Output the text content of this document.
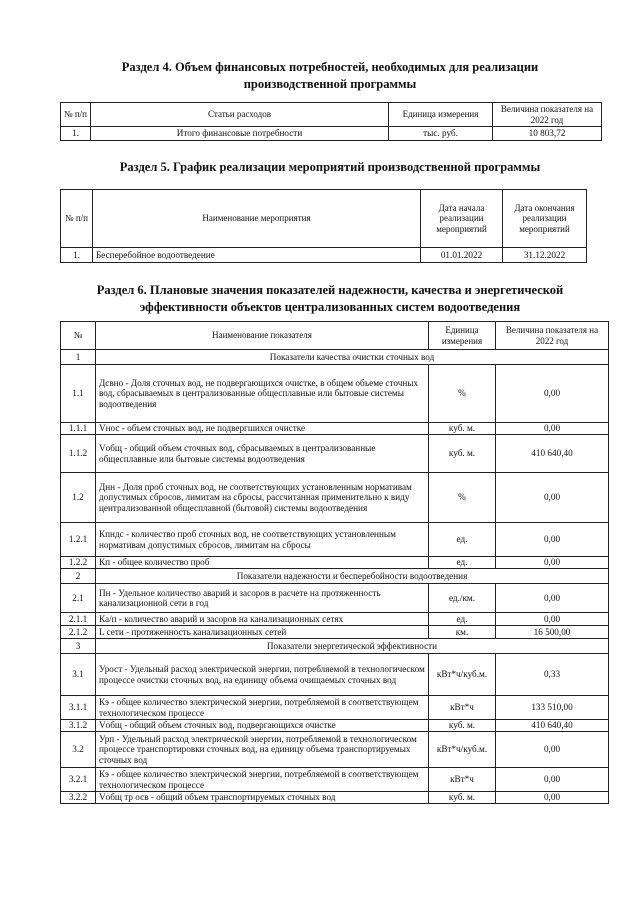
Раздел 4. Объем финансовых потребностей, необходимых для реализации
производственной программы
№ п/п	Статьи расходов	Единица измерения	Величина показателя на 2022 год
1.	Итого финансовые потребности	тыс. руб.	10 803,72
Раздел 5. График реализации мероприятий производственной программы
№ п/п	Наименование мероприятия	Дата начала реализации мероприятий	Дата окончания реализации мероприятий
1.	Бесперебойное водоотведение	01.01.2022	31.12.2022
Раздел 6. Плановые значения показателей надежности, качества и энергетической
эффективности объектов централизованных систем водоотведения
№	Наименование показателя	Единица измерения	Величина показателя на 2022 год
1	Показатели качества очистки сточных вод		
1.1	Дсвно - Доля сточных вод, не подвергающихся очистке, в общем объеме сточных вод, сбрасываемых в централизованные общесплавные или бытовые системы водоотведения	%	0,00
1.1.1	Vнос - объем сточных вод, не подвергшихся очистке	куб. м.	0,00
1.1.2	Vобщ - общий объем сточных вод, сбрасываемых в централизованные общесплавные или бытовые системы водоотведения	куб. м.	410 640,40
1.2	Днн - Доля проб сточных вод, не соответствующих установленным нормативам допустимых сбросов, лимитам на сбросы, рассчитанная применительно к виду централизованной общесплавной (бытовой) системы водоотведения	%	0,00
1.2.1	Кпндс - количество проб сточных вод, не соответствующих установленным нормативам допустимых сбросов, лимитам на сбросы	ед.	0,00
1.2.2	Кп - общее количество проб	ед.	0,00
2	Показатели надежности и бесперебойности водоотведения		
2.1	Пн - Удельное количество аварий и засоров в расчете на протяженность канализационной сети в год	ед./км.	0,00
2.1.1	Ка/п - количество аварий и засоров на канализационных сетях	ед.	0,00
2.1.2	L сети - протяженность канализационных сетей	км.	16 500,00
3	Показатели энергетической эффективности		
3.1	Урост - Удельный расход электрической энергии, потребляемой в технологическом процессе очистки сточных вод, на единицу объема очищаемых сточных вод	кВт*ч/куб.м.	0,33
3.1.1	Кэ - общее количество электрической энергии, потребляемой в соответствующем технологическом процессе	кВт*ч	133 510,00
3.1.2	Vобщ - общий объем сточных вод, подвергающихся очистке	куб. м.	410 640,40
3.2	Урп - Удельный расход электрической энергии, потребляемой в технологическом процессе транспортировки сточных вод, на единицу объема транспортируемых сточных вод	кВт*ч/куб.м.	0,00
3.2.1	Кэ - общее количество электрической энергии, потребляемой в соответствующем технологическом процессе	кВт*ч	0,00
3.2.2	Vобщ тр осв - общий объем транспортируемых сточных вод	куб. м.	0,00
